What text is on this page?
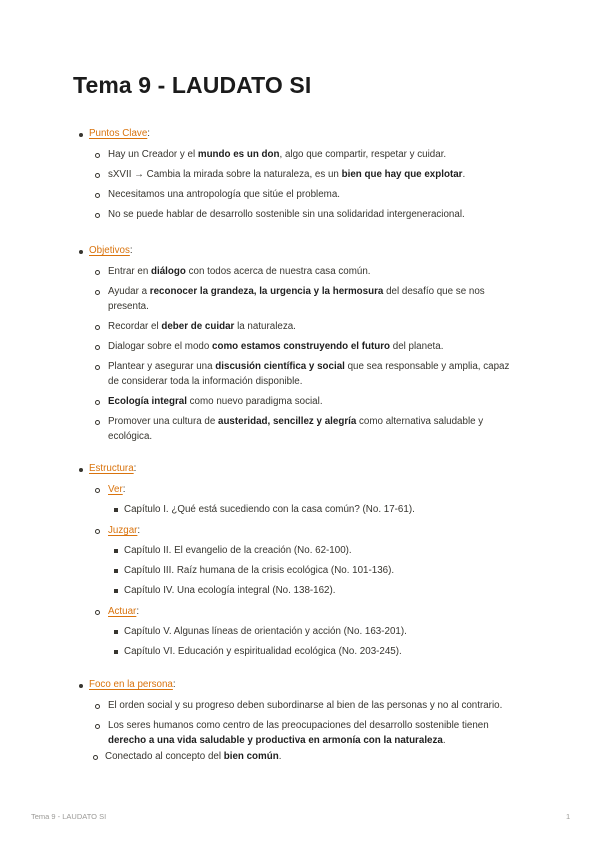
Tema 9 - LAUDATO SI
Puntos Clave:
Hay un Creador y el mundo es un don, algo que compartir, respetar y cuidar.
sXVII → Cambia la mirada sobre la naturaleza, es un bien que hay que explotar.
Necesitamos una antropología que sitúe el problema.
No se puede hablar de desarrollo sostenible sin una solidaridad intergeneracional.
Objetivos:
Entrar en diálogo con todos acerca de nuestra casa común.
Ayudar a reconocer la grandeza, la urgencia y la hermosura del desafío que se nos
presenta.
Recordar el deber de cuidar la naturaleza.
Dialogar sobre el modo como estamos construyendo el futuro del planeta.
Plantear y asegurar una discusión científica y social que sea responsable y amplia, capaz
de considerar toda la información disponible.
Ecología integral como nuevo paradigma social.
Promover una cultura de austeridad, sencillez y alegría como alternativa saludable y
ecológica.
Estructura:
Ver:
Capítulo I. ¿Qué está sucediendo con la casa común? (No. 17-61).
Juzgar:
Capítulo II. El evangelio de la creación (No. 62-100).
Capítulo III. Raíz humana de la crisis ecológica (No. 101-136).
Capítulo IV. Una ecología integral (No. 138-162).
Actuar:
Capítulo V. Algunas líneas de orientación y acción (No. 163-201).
Capítulo VI. Educación y espiritualidad ecológica (No. 203-245).
Foco en la persona:
El orden social y su progreso deben subordinarse al bien de las personas y no al contrario.
Los seres humanos como centro de las preocupaciones del desarrollo sostenible tienen
derecho a una vida saludable y productiva en armonía con la naturaleza.
Conectado al concepto del bien común.
Tema 9 - LAUDATO SI	1
